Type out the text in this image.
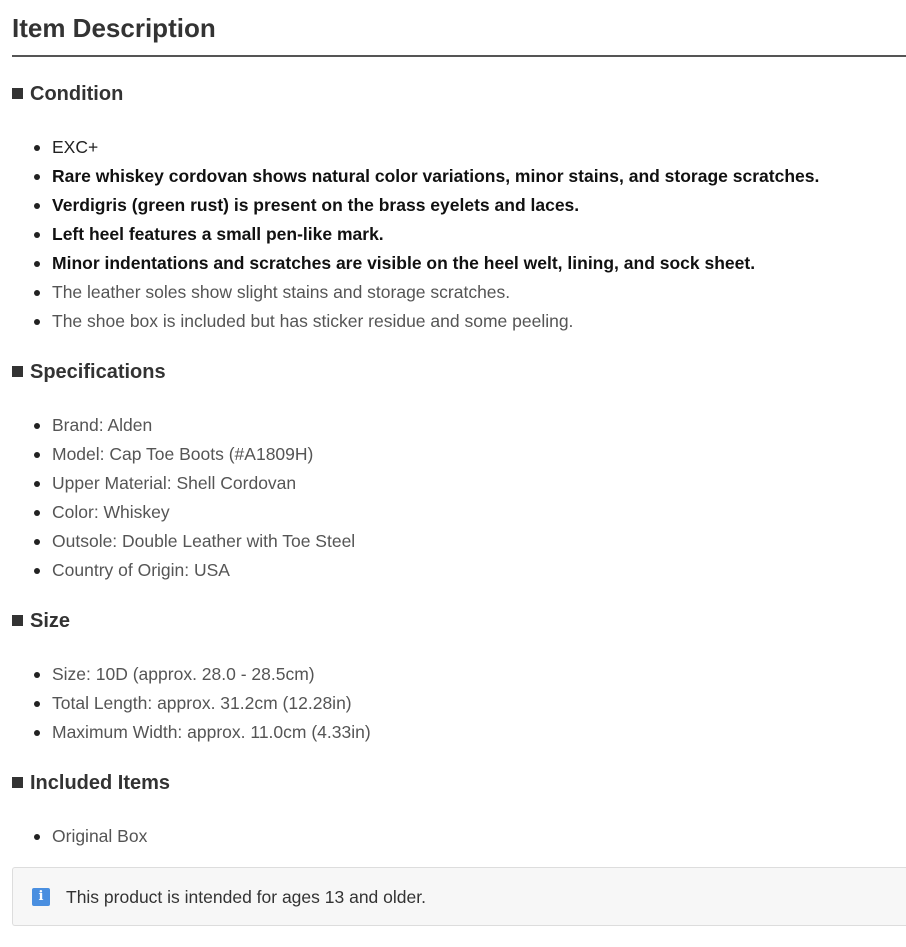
Item Description
Condition
EXC+
Rare whiskey cordovan shows natural color variations, minor stains, and storage scratches.
Verdigris (green rust) is present on the brass eyelets and laces.
Left heel features a small pen-like mark.
Minor indentations and scratches are visible on the heel welt, lining, and sock sheet.
The leather soles show slight stains and storage scratches.
The shoe box is included but has sticker residue and some peeling.
Specifications
Brand: Alden
Model: Cap Toe Boots (#A1809H)
Upper Material: Shell Cordovan
Color: Whiskey
Outsole: Double Leather with Toe Steel
Country of Origin: USA
Size
Size: 10D (approx. 28.0 - 28.5cm)
Total Length: approx. 31.2cm (12.28in)
Maximum Width: approx. 11.0cm (4.33in)
Included Items
Original Box
i	This product is intended for ages 13 and older.
